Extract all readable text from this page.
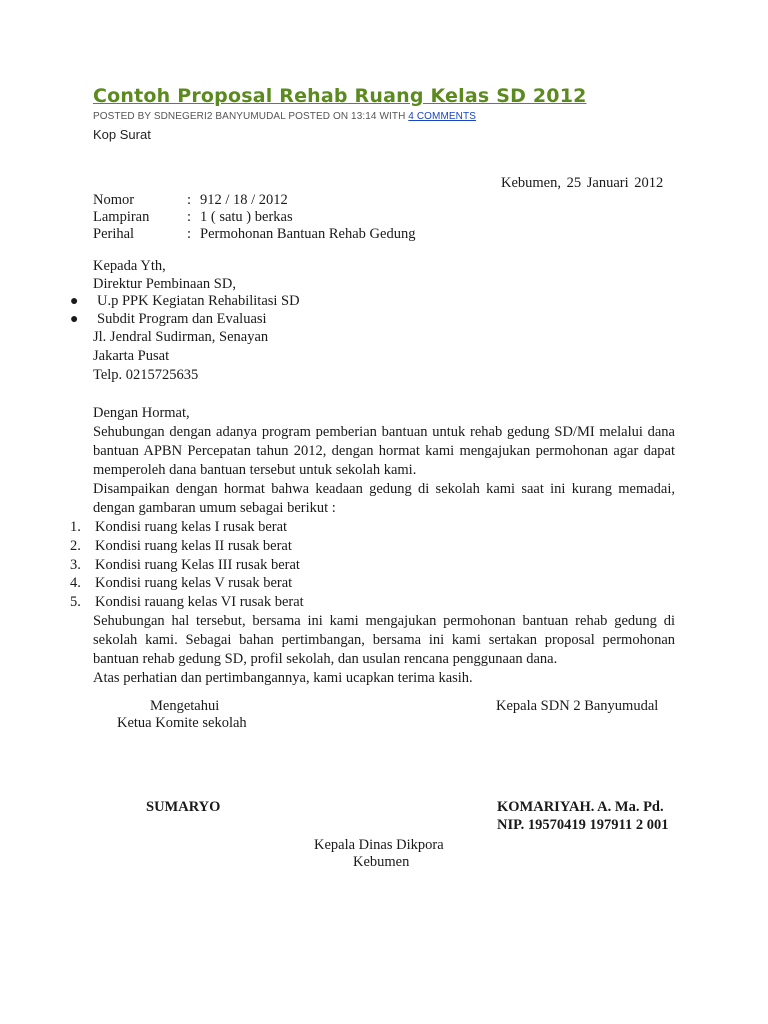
Contoh Proposal Rehab Ruang Kelas SD 2012
POSTED BY SDNEGERI2 BANYUMUDAL POSTED ON 13:14 WITH 4 COMMENTS
Kop Surat
Kebumen, 25 Januari 2012
Nomor	: 912 / 18 / 2012
Lampiran	: 1 ( satu ) berkas
Perihal	: Permohonan Bantuan Rehab Gedung
Kepada Yth,
Direktur Pembinaan SD,
● U.p PPK Kegiatan Rehabilitasi SD
● Subdit Program dan Evaluasi
Jl. Jendral Sudirman, Senayan
Jakarta Pusat
Telp. 0215725635
Dengan Hormat,
Sehubungan dengan adanya program pemberian bantuan untuk rehab gedung SD/MI melalui dana bantuan APBN Percepatan tahun 2012, dengan hormat kami mengajukan permohonan agar dapat memperoleh dana bantuan tersebut untuk sekolah kami.
Disampaikan dengan hormat bahwa keadaan gedung di sekolah kami saat ini kurang memadai, dengan gambaran umum sebagai berikut :
1. Kondisi ruang kelas I rusak berat
2. Kondisi ruang kelas II rusak berat
3. Kondisi ruang Kelas III rusak berat
4. Kondisi ruang kelas V rusak berat
5. Kondisi rauang kelas VI rusak berat
Sehubungan hal tersebut, bersama ini kami mengajukan permohonan bantuan rehab gedung di sekolah kami. Sebagai bahan pertimbangan, bersama ini kami sertakan proposal permohonan bantuan rehab gedung SD, profil sekolah, dan usulan rencana penggunaan dana.
Atas perhatian dan pertimbangannya, kami ucapkan terima kasih.
Mengetahui
Ketua Komite sekolah
Kepala SDN 2 Banyumudal
SUMARYO	KOMARIYAH. A. Ma. Pd.
NIP. 19570419 197911 2 001
Kepala Dinas Dikpora
Kebumen
